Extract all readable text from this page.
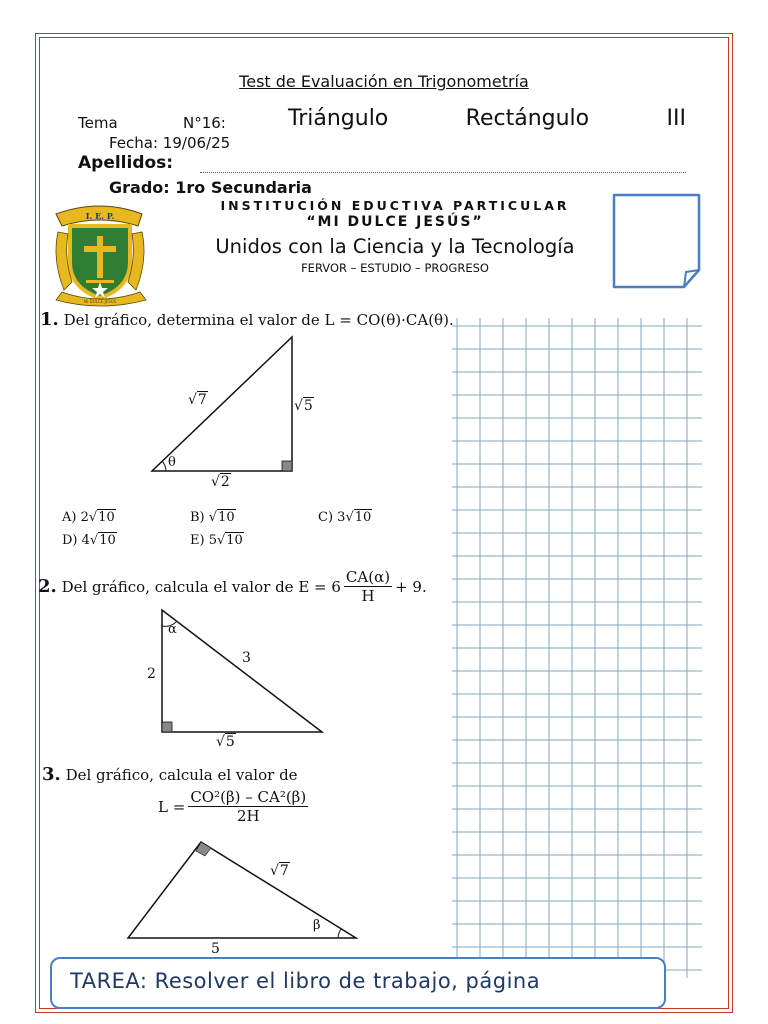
Test de Evaluación en Trigonometría
Tema	N°16:	Triángulo	Rectángulo	III
Fecha: 19/06/25
Apellidos:
Grado: 1ro Secundaria
INSTITUCIÓN EDUCTIVA PARTICULAR
“MI DULCE JESÚS”
Unidos con la Ciencia y la Tecnología
FERVOR – ESTUDIO – PROGRESO
I. E. P.
MI DULCE JESÚS
1. Del gráfico, determina el valor de L = CO(θ)·CA(θ).
√7	√5
√2
θ
A) 2√10	B) √10	C) 3√10
D) 4√10	E) 5√10
2.
Del gráfico, calcula el valor de $E = 6 \frac{CA(\alpha)}{H} + 9$.
2
3
√5
α
3. Del gráfico, calcula el valor de
$L = \frac{\text{CO²(β) – CA²(β)}}{2H}$
√7
5
β
TAREA: Resolver el libro de trabajo, página
